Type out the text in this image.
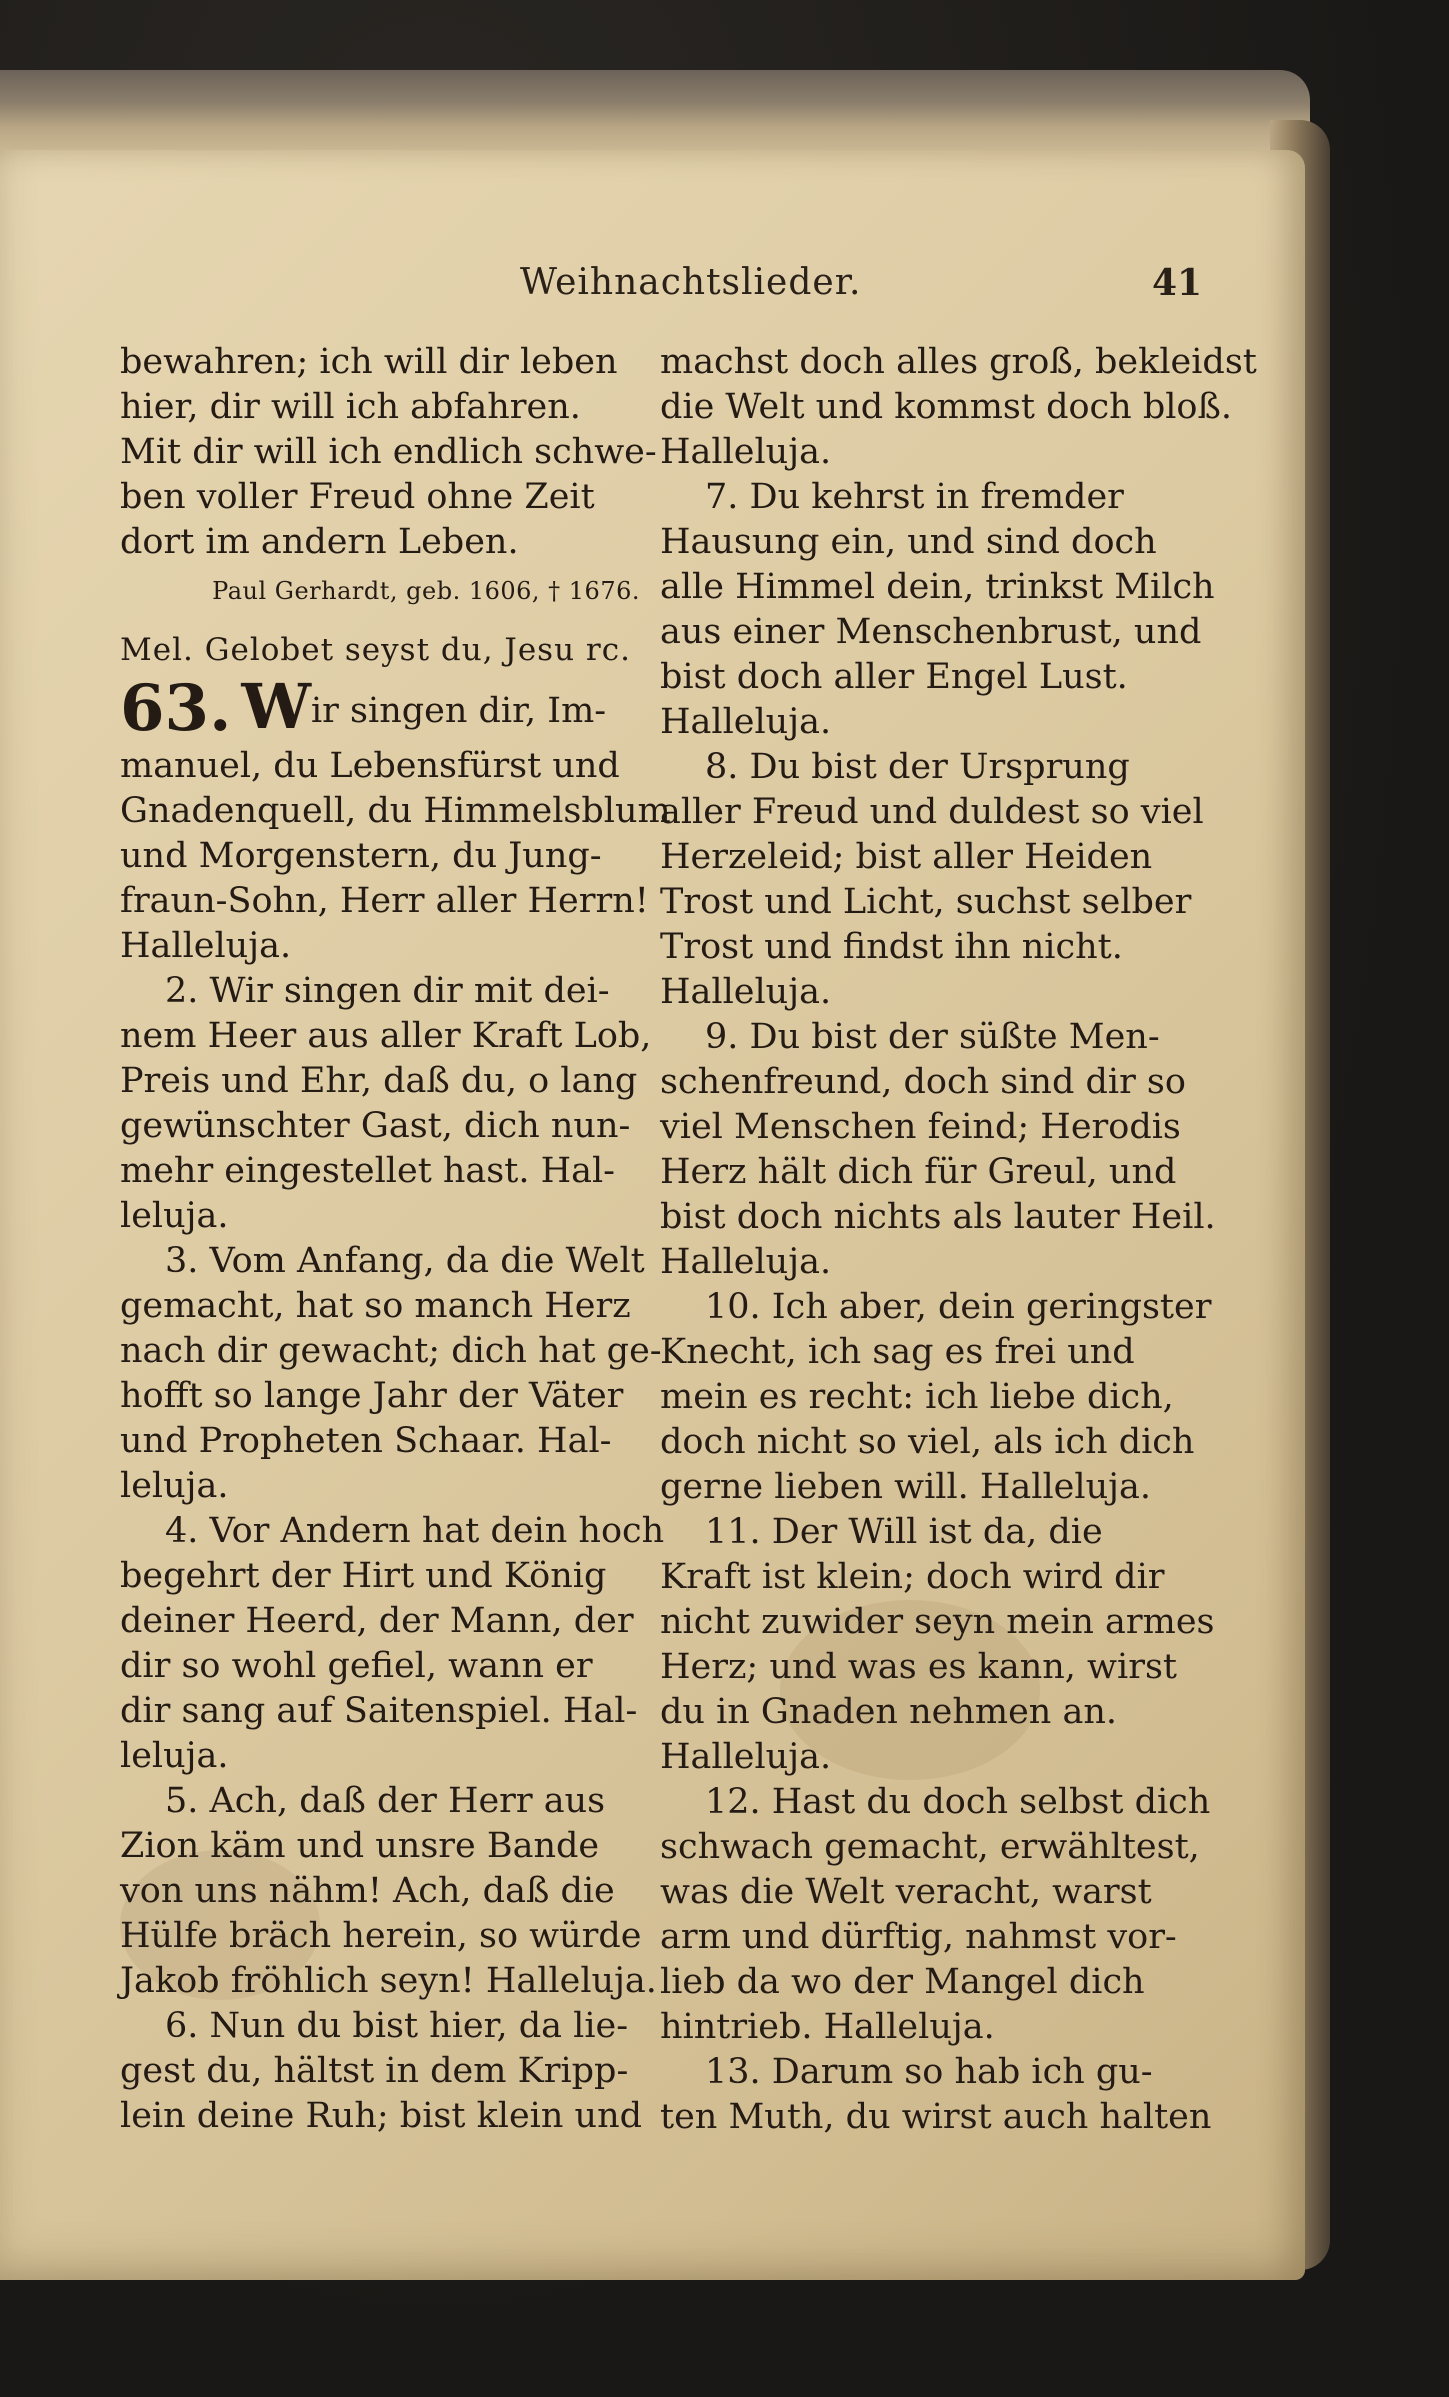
Weihnachtslieder.	41
bewahren; ich will dir leben
hier, dir will ich abfahren.
Mit dir will ich endlich schwe-
ben voller Freud ohne Zeit
dort im andern Leben.
Paul Gerhardt, geb. 1606, † 1676.
Mel. Gelobet seyst du, Jesu rc.
63. Wir singen dir, Im-
manuel, du Lebensfürst und
Gnadenquell, du Himmelsblum
und Morgenstern, du Jung-
fraun-Sohn, Herr aller Herrn!
Halleluja.
2. Wir singen dir mit dei-
nem Heer aus aller Kraft Lob,
Preis und Ehr, daß du, o lang
gewünschter Gast, dich nun-
mehr eingestellet hast. Hal-
leluja.
3. Vom Anfang, da die Welt
gemacht, hat so manch Herz
nach dir gewacht; dich hat ge-
hofft so lange Jahr der Väter
und Propheten Schaar. Hal-
leluja.
4. Vor Andern hat dein hoch
begehrt der Hirt und König
deiner Heerd, der Mann, der
dir so wohl gefiel, wann er
dir sang auf Saitenspiel. Hal-
leluja.
5. Ach, daß der Herr aus
Zion käm und unsre Bande
von uns nähm! Ach, daß die
Hülfe bräch herein, so würde
Jakob fröhlich seyn! Halleluja.
6. Nun du bist hier, da lie-
gest du, hältst in dem Kripp-
lein deine Ruh; bist klein und
machst doch alles groß, bekleidst
die Welt und kommst doch bloß.
Halleluja.
7. Du kehrst in fremder
Hausung ein, und sind doch
alle Himmel dein, trinkst Milch
aus einer Menschenbrust, und
bist doch aller Engel Lust.
Halleluja.
8. Du bist der Ursprung
aller Freud und duldest so viel
Herzeleid; bist aller Heiden
Trost und Licht, suchst selber
Trost und findst ihn nicht.
Halleluja.
9. Du bist der süßte Men-
schenfreund, doch sind dir so
viel Menschen feind; Herodis
Herz hält dich für Greul, und
bist doch nichts als lauter Heil.
Halleluja.
10. Ich aber, dein geringster
Knecht, ich sag es frei und
mein es recht: ich liebe dich,
doch nicht so viel, als ich dich
gerne lieben will. Halleluja.
11. Der Will ist da, die
Kraft ist klein; doch wird dir
nicht zuwider seyn mein armes
Herz; und was es kann, wirst
du in Gnaden nehmen an.
Halleluja.
12. Hast du doch selbst dich
schwach gemacht, erwähltest,
was die Welt veracht, warst
arm und dürftig, nahmst vor-
lieb da wo der Mangel dich
hintrieb. Halleluja.
13. Darum so hab ich gu-
ten Muth, du wirst auch halten
